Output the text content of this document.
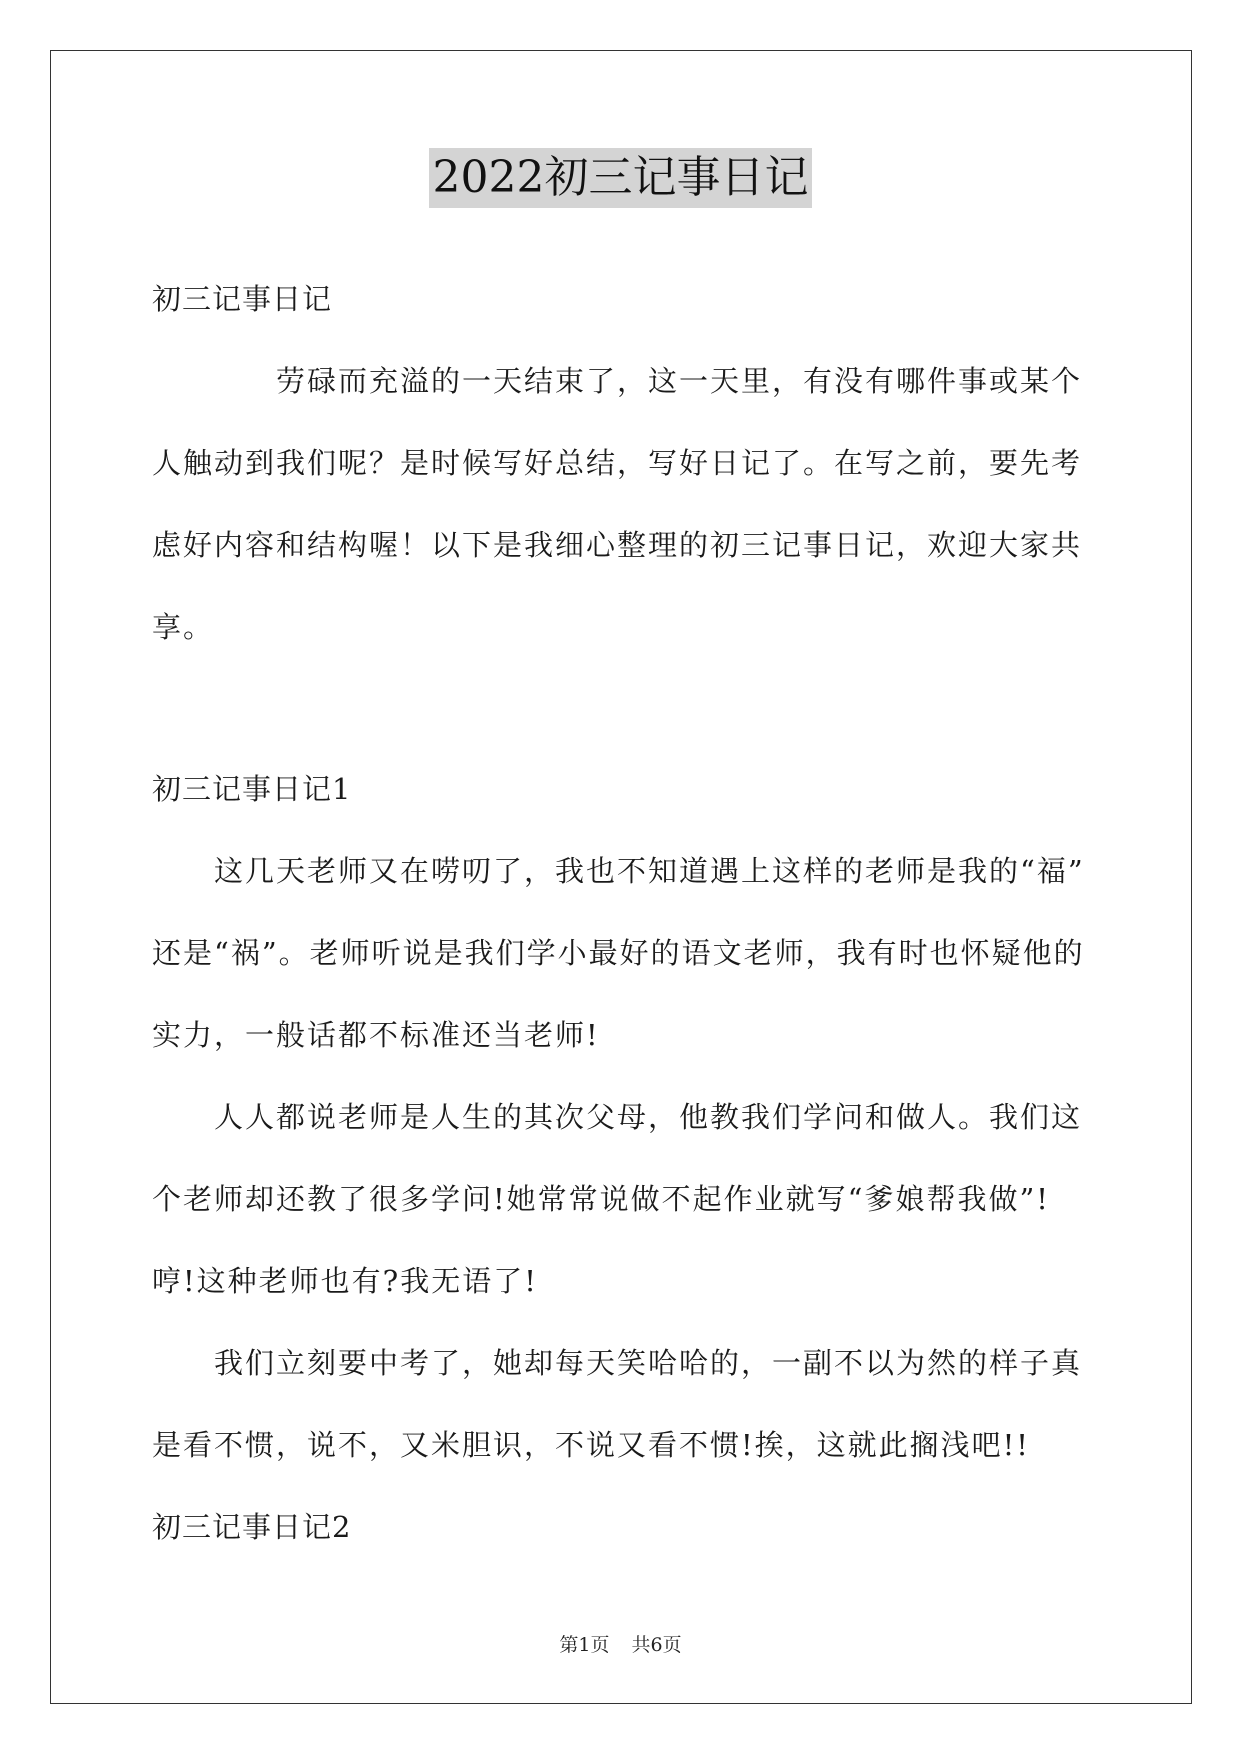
2022初三记事日记
初三记事日记
劳碌而充溢的一天结束了，这一天里，有没有哪件事或某个
人触动到我们呢？是时候写好总结，写好日记了。在写之前，要先考
虑好内容和结构喔！以下是我细心整理的初三记事日记，欢迎大家共
享。
初三记事日记1
这几天老师又在唠叨了，我也不知道遇上这样的老师是我的“福”
还是“祸”。老师听说是我们学小最好的语文老师，我有时也怀疑他的
实力，一般话都不标准还当老师!
人人都说老师是人生的其次父母，他教我们学问和做人。我们这
个老师却还教了很多学问!她常常说做不起作业就写“爹娘帮我做”!
哼!这种老师也有?我无语了!
我们立刻要中考了，她却每天笑哈哈的，一副不以为然的样子真
是看不惯，说不，又米胆识，不说又看不惯!挨，这就此搁浅吧!!
初三记事日记2
第1页 共6页
